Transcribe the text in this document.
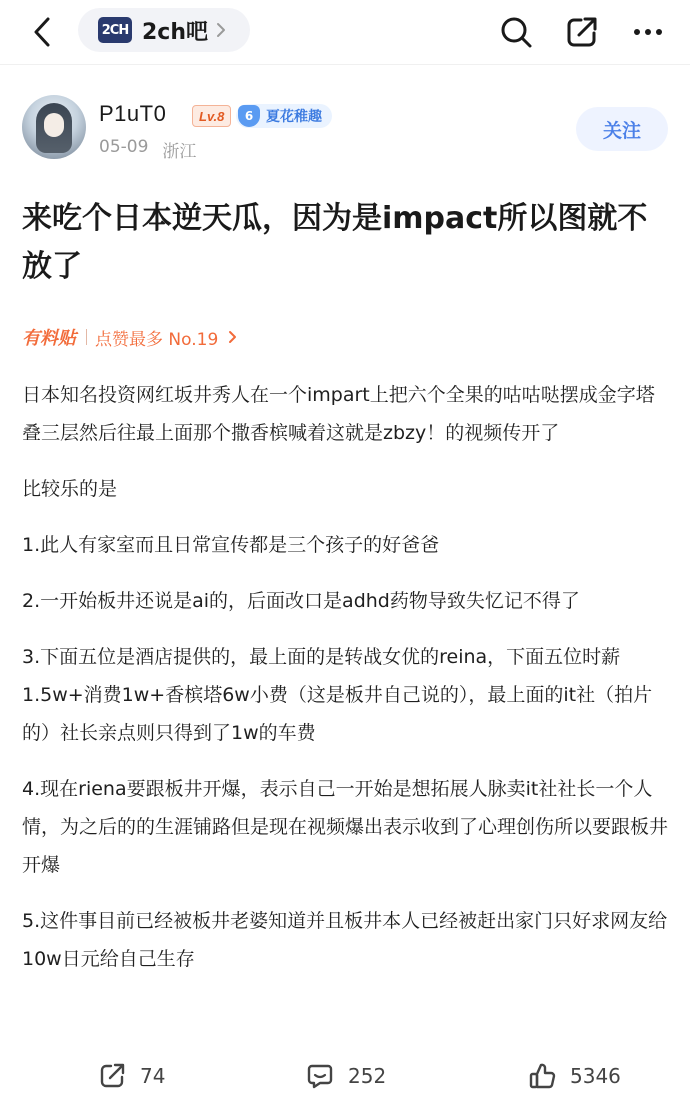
2CH 2ch吧
P1uT0	Lv.8	6 夏花稚趣
05-09 浙江
关注
来吃个日本逆天瓜，因为是impact所以图就不放了
有料贴 点赞最多 No.19

日本知名投资网红坂井秀人在一个impart上把六个全果的咕咕哒摆成金字塔叠三层然后往最上面那个撒香槟喊着这就是zbzy！的视频传开了

比较乐的是

1.此人有家室而且日常宣传都是三个孩子的好爸爸

2.一开始板井还说是ai的，后面改口是adhd药物导致失忆记不得了

3.下面五位是酒店提供的，最上面的是转战女优的reina，下面五位时薪1.5w+消费1w+香槟塔6w小费（这是板井自己说的），最上面的it社（拍片的）社长亲点则只得到了1w的车费

4.现在riena要跟板井开爆，表示自己一开始是想拓展人脉卖it社社长一个人情，为之后的的生涯铺路但是现在视频爆出表示收到了心理创伤所以要跟板井开爆

5.这件事目前已经被板井老婆知道并且板井本人已经被赶出家门只好求网友给10w日元给自己生存

74	252	5346
